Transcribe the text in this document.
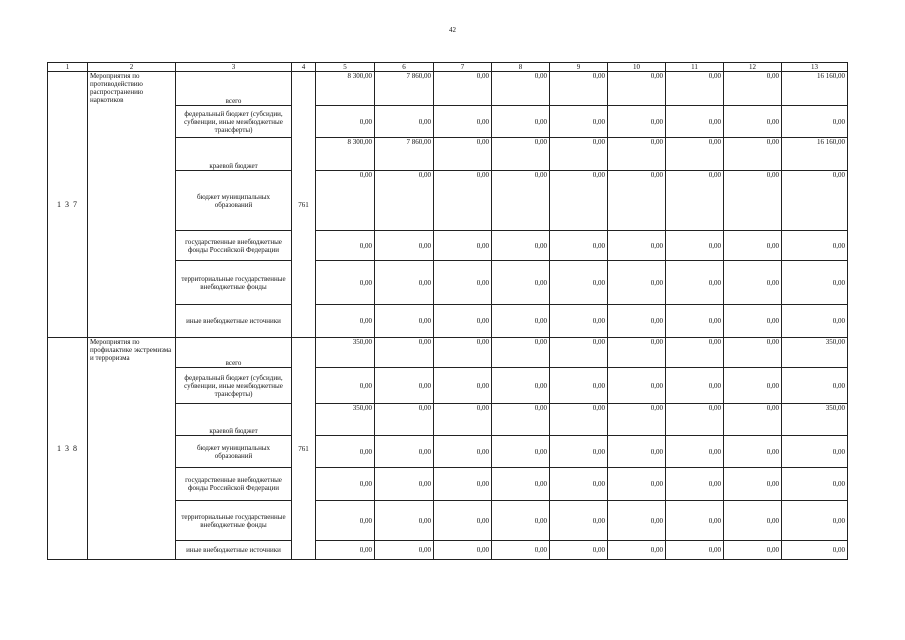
42
1	2	3	4	5	6	7	8	9	10	11	12	13
1 3 7	Мероприятия по противодействию распространению наркотиков	всего	761	8 300,00	7 860,00	0,00	0,00	0,00	0,00	0,00	0,00	16 160,00
		федеральный бюджет (субсидии, субвенции, иные межбюджетные трансферты)		0,00	0,00	0,00	0,00	0,00	0,00	0,00	0,00	0,00
		краевой бюджет		8 300,00	7 860,00	0,00	0,00	0,00	0,00	0,00	0,00	16 160,00
		бюджет муниципальных образований		0,00	0,00	0,00	0,00	0,00	0,00	0,00	0,00	0,00
		государственные внебюджетные фонды Российской Федерации		0,00	0,00	0,00	0,00	0,00	0,00	0,00	0,00	0,00
		территориальные государственные внебюджетные фонды		0,00	0,00	0,00	0,00	0,00	0,00	0,00	0,00	0,00
		иные внебюджетные источники		0,00	0,00	0,00	0,00	0,00	0,00	0,00	0,00	0,00
1 3 8	Мероприятия по профилактике экстремизма и терроризма	всего	761	350,00	0,00	0,00	0,00	0,00	0,00	0,00	0,00	350,00
		федеральный бюджет (субсидии, субвенции, иные межбюджетные трансферты)		0,00	0,00	0,00	0,00	0,00	0,00	0,00	0,00	0,00
		краевой бюджет		350,00	0,00	0,00	0,00	0,00	0,00	0,00	0,00	350,00
		бюджет муниципальных образований		0,00	0,00	0,00	0,00	0,00	0,00	0,00	0,00	0,00
		государственные внебюджетные фонды Российской Федерации		0,00	0,00	0,00	0,00	0,00	0,00	0,00	0,00	0,00
		территориальные государственные внебюджетные фонды		0,00	0,00	0,00	0,00	0,00	0,00	0,00	0,00	0,00
		иные внебюджетные источники		0,00	0,00	0,00	0,00	0,00	0,00	0,00	0,00	0,00
